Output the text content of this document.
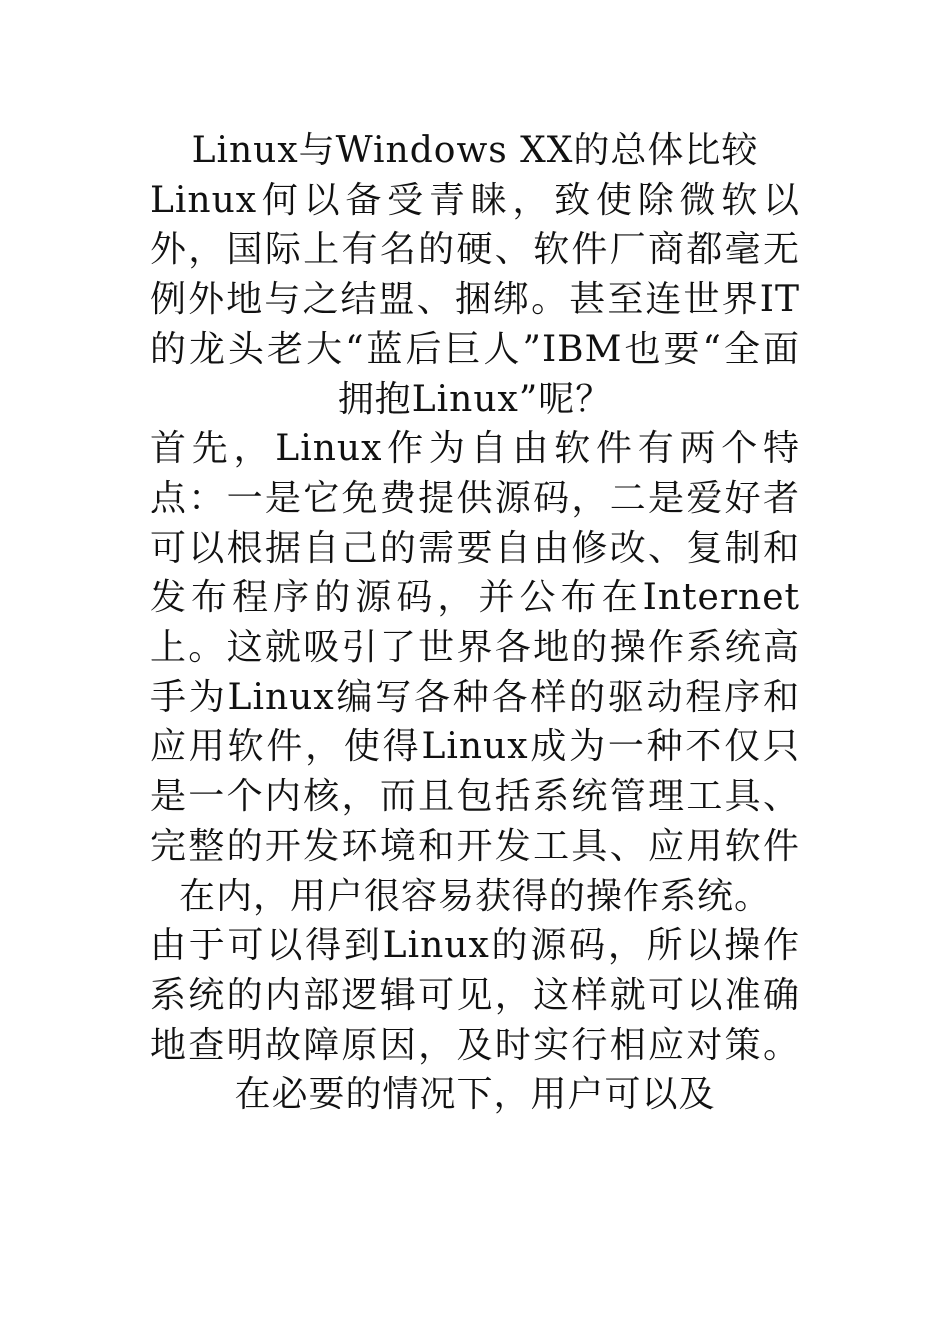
Linux与Windows XX的总体比较

Linux何以备受青睐，致使除微软以外，国际上有名的硬、软件厂商都毫无例外地与之结盟、捆绑。甚至连世界IT的龙头老大“蓝后巨人”IBM也要“全面拥抱Linux”呢？

首先，Linux作为自由软件有两个特点：一是它免费提供源码，二是爱好者可以根据自己的需要自由修改、复制和发布程序的源码，并公布在Internet上。这就吸引了世界各地的操作系统高手为Linux编写各种各样的驱动程序和应用软件，使得Linux成为一种不仅只是一个内核，而且包括系统管理工具、完整的开发环境和开发工具、应用软件在内，用户很容易获得的操作系统。

由于可以得到Linux的源码，所以操作系统的内部逻辑可见，这样就可以准确地查明故障原因，及时实行相应对策。在必要的情况下，用户可以及
